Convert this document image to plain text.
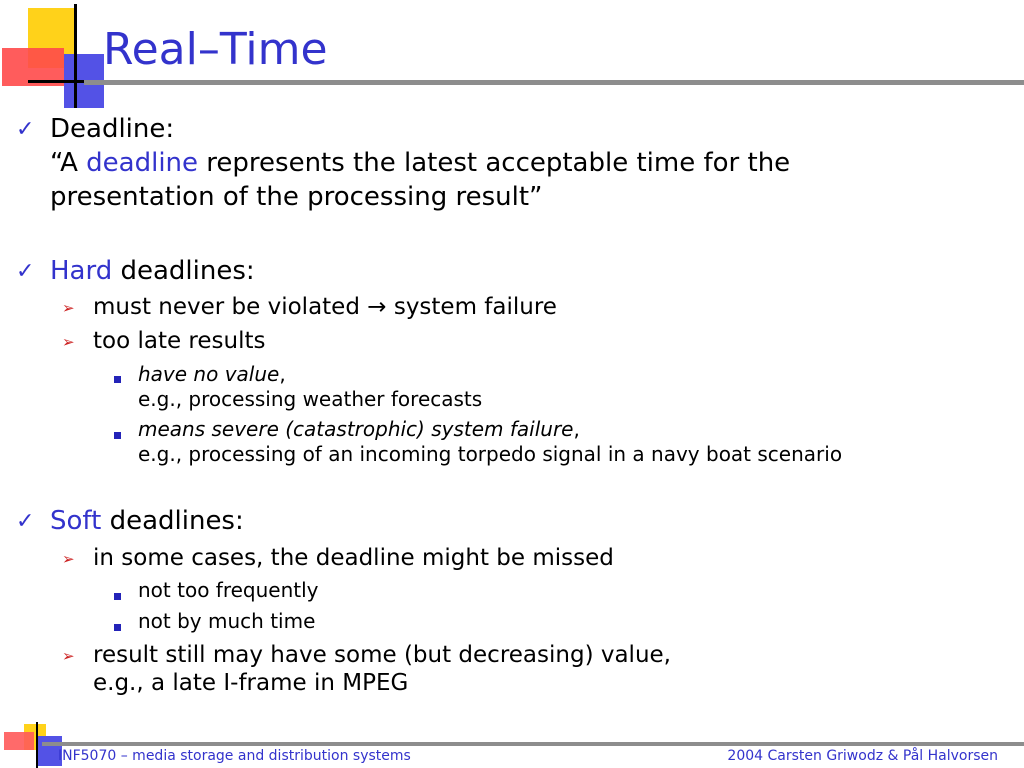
Real–Time
✓ Deadline:
“A deadline represents the latest acceptable time for the
presentation of the processing result”
✓ Hard deadlines:
➢ must never be violated → system failure
➢ too late results
have no value,
e.g., processing weather forecasts
means severe (catastrophic) system failure,
e.g., processing of an incoming torpedo signal in a navy boat scenario
✓ Soft deadlines:
➢ in some cases, the deadline might be missed
not too frequently
not by much time
➢ result still may have some (but decreasing) value,
e.g., a late I-frame in MPEG
INF5070 – media storage and distribution systems	2004 Carsten Griwodz & Pål Halvorsen
